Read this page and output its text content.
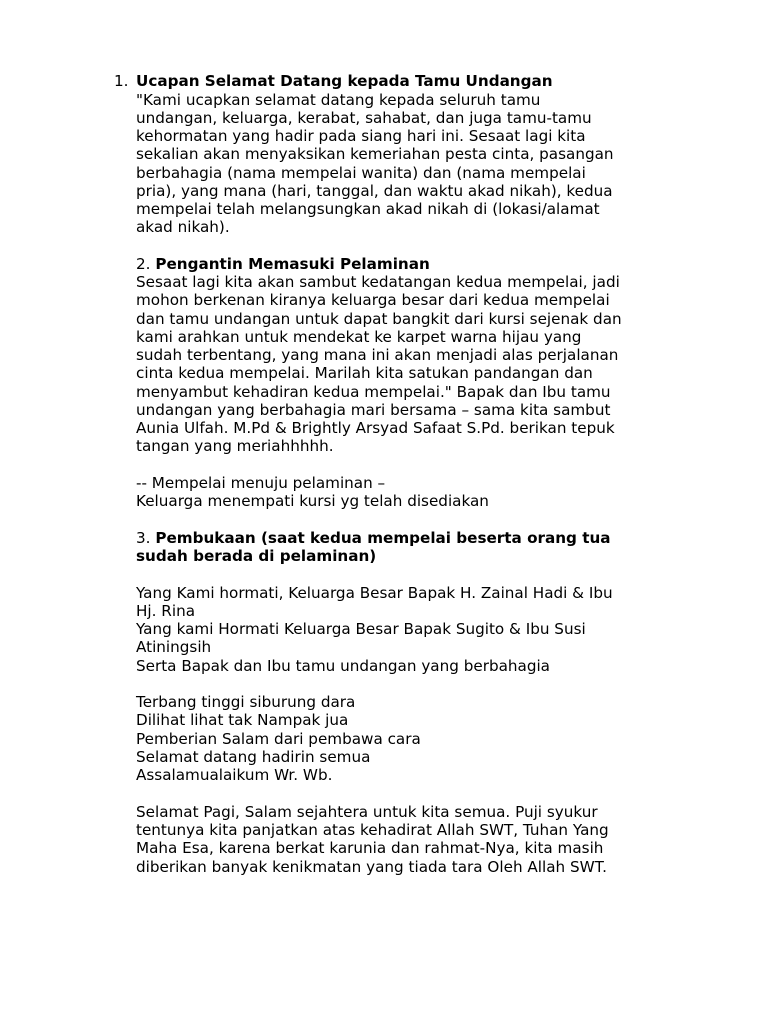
1. Ucapan Selamat Datang kepada Tamu Undangan
"Kami ucapkan selamat datang kepada seluruh tamu
undangan, keluarga, kerabat, sahabat, dan juga tamu-tamu
kehormatan yang hadir pada siang hari ini. Sesaat lagi kita
sekalian akan menyaksikan kemeriahan pesta cinta, pasangan
berbahagia (nama mempelai wanita) dan (nama mempelai
pria), yang mana (hari, tanggal, dan waktu akad nikah), kedua
mempelai telah melangsungkan akad nikah di (lokasi/alamat
akad nikah).
2. Pengantin Memasuki Pelaminan
Sesaat lagi kita akan sambut kedatangan kedua mempelai, jadi
mohon berkenan kiranya keluarga besar dari kedua mempelai
dan tamu undangan untuk dapat bangkit dari kursi sejenak dan
kami arahkan untuk mendekat ke karpet warna hijau yang
sudah terbentang, yang mana ini akan menjadi alas perjalanan
cinta kedua mempelai. Marilah kita satukan pandangan dan
menyambut kehadiran kedua mempelai." Bapak dan Ibu tamu
undangan yang berbahagia mari bersama – sama kita sambut
Aunia Ulfah. M.Pd & Brightly Arsyad Safaat S.Pd. berikan tepuk
tangan yang meriahhhhh.
-- Mempelai menuju pelaminan –
Keluarga menempati kursi yg telah disediakan
3. Pembukaan (saat kedua mempelai beserta orang tua
sudah berada di pelaminan)
Yang Kami hormati, Keluarga Besar Bapak H. Zainal Hadi & Ibu
Hj. Rina
Yang kami Hormati Keluarga Besar Bapak Sugito & Ibu Susi
Atiningsih
Serta Bapak dan Ibu tamu undangan yang berbahagia
Terbang tinggi siburung dara
Dilihat lihat tak Nampak jua
Pemberian Salam dari pembawa cara
Selamat datang hadirin semua
Assalamualaikum Wr. Wb.
Selamat Pagi, Salam sejahtera untuk kita semua. Puji syukur
tentunya kita panjatkan atas kehadirat Allah SWT, Tuhan Yang
Maha Esa, karena berkat karunia dan rahmat-Nya, kita masih
diberikan banyak kenikmatan yang tiada tara Oleh Allah SWT.
